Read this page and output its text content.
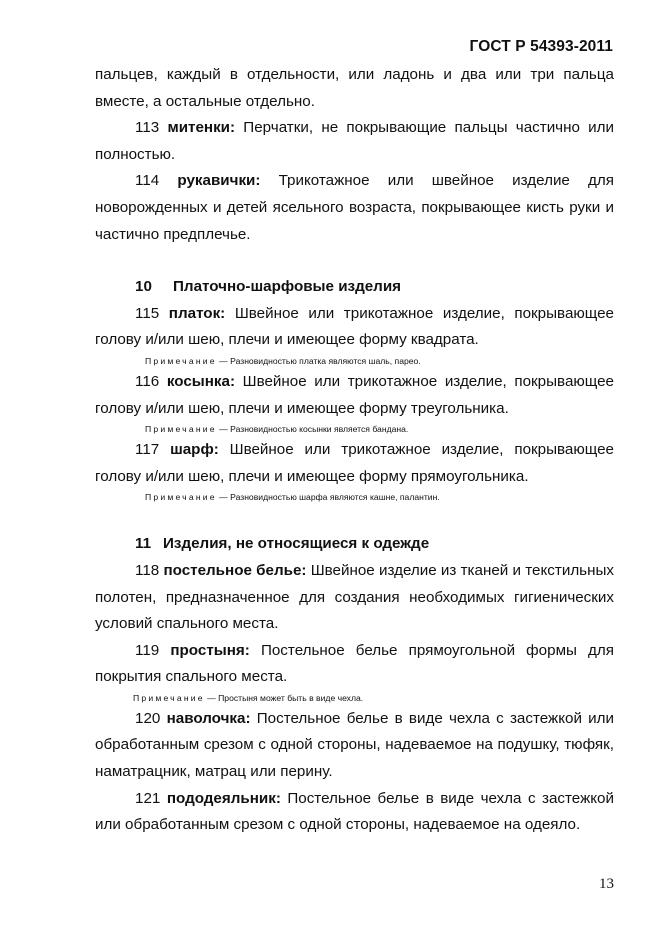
ГОСТ Р 54393-2011

пальцев, каждый в отдельности, или ладонь и два или три пальца вместе, а остальные отдельно.

113 митенки: Перчатки, не покрывающие пальцы частично или полностью.

114 рукавички: Трикотажное или швейное изделие для новорожденных и детей ясельного возраста, покрывающее кисть руки и частично предплечье.

10 Платочно-шарфовые изделия

115 платок: Швейное или трикотажное изделие, покрывающее голову и/или шею, плечи и имеющее форму квадрата.

Примечание — Разновидностью платка являются шаль, парео.

116 косынка: Швейное или трикотажное изделие, покрывающее голову и/или шею, плечи и имеющее форму треугольника.

Примечание — Разновидностью косынки является бандана.

117 шарф: Швейное или трикотажное изделие, покрывающее голову и/или шею, плечи и имеющее форму прямоугольника.

Примечание — Разновидностью шарфа являются кашне, палантин.

11 Изделия, не относящиеся к одежде

118 постельное белье: Швейное изделие из тканей и текстильных полотен, предназначенное для создания необходимых гигиенических условий спального места.

119 простыня: Постельное белье прямоугольной формы для покрытия спального места.

Примечание — Простыня может быть в виде чехла.

120 наволочка: Постельное белье в виде чехла с застежкой или обработанным срезом с одной стороны, надеваемое на подушку, тюфяк, наматрацник, матрац или перину.

121 пододеяльник: Постельное белье в виде чехла с застежкой или обработанным срезом с одной стороны, надеваемое на одеяло.

13
